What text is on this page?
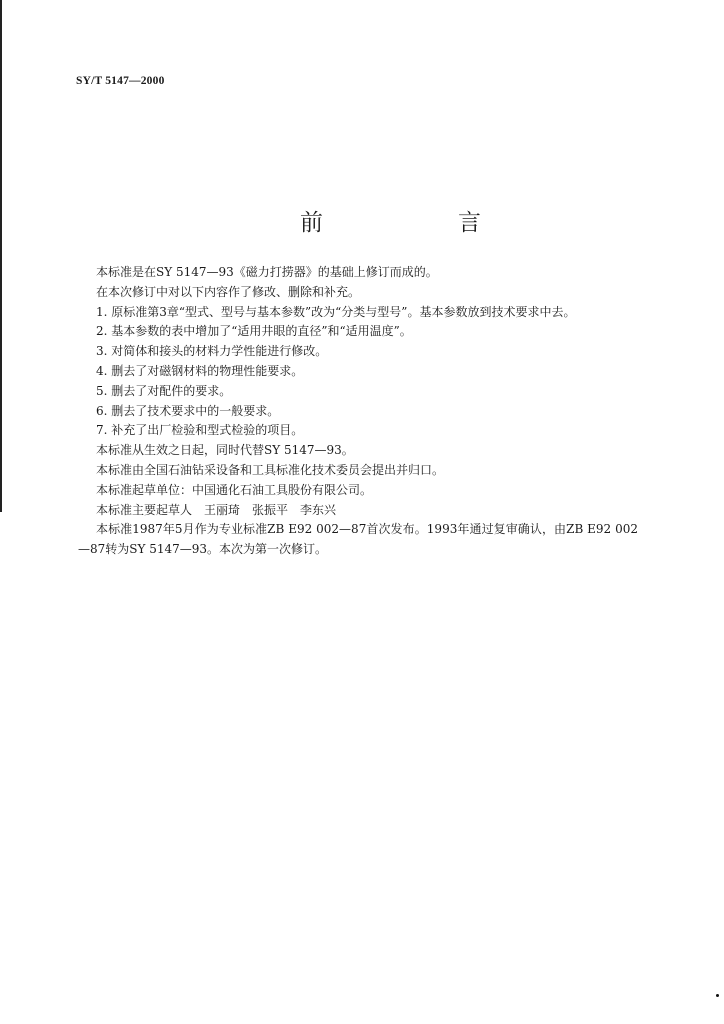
SY/T 5147—2000
前　言
本标准是在SY 5147—93《磁力打捞器》的基础上修订而成的。
在本次修订中对以下内容作了修改、删除和补充。
1. 原标准第3章“型式、型号与基本参数”改为“分类与型号”。基本参数放到技术要求中去。
2. 基本参数的表中增加了“适用井眼的直径”和“适用温度”。
3. 对简体和接头的材料力学性能进行修改。
4. 删去了对磁钢材料的物理性能要求。
5. 删去了对配件的要求。
6. 删去了技术要求中的一般要求。
7. 补充了出厂检验和型式检验的项目。
本标准从生效之日起，同时代替SY 5147—93。
本标准由全国石油钻采设备和工具标准化技术委员会提出并归口。
本标准起草单位：中国通化石油工具股份有限公司。
本标准主要起草人　王丽琦　张振平　李东兴
本标准1987年5月作为专业标准ZB E92 002—87首次发布。1993年通过复审确认，由ZB E92 002—87转为SY 5147—93。本次为第一次修订。
